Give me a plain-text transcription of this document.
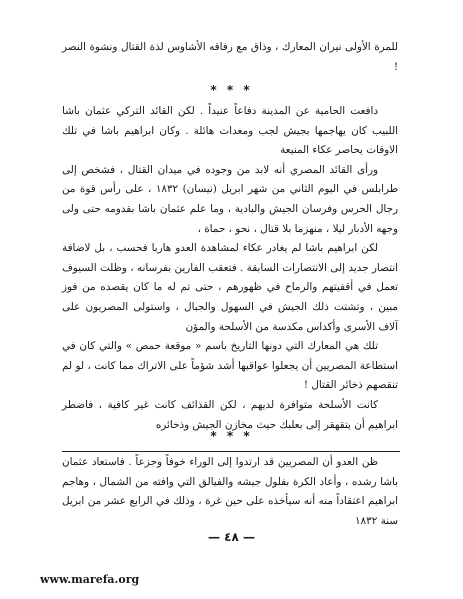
للمرة الأولى نيران المعارك ، وذاق مع رفاقه الأشاوس لذة القتال ونشوة النصر !

* * *

دافعت الحامية عن المدينة دفاعاً عنيداً . لكن القائد التركي عثمان باشا اللبيب كان يهاجمها بجيش لجب ومعدات هائلة . وكان ابراهيم باشا في تلك الاوقات يحاصر عكاء المنيعة

ورأى القائد المصري أنه لابد من وجوده في ميدان القتال ، فشخص إلى طرابلس في اليوم الثاني من شهر ابريل (نيسان) ١٨٣٢ ، على رأس قوة من رجال الحرس وفرسان الجيش والبادية ، وما علم عثمان باشا بقدومه حتى ولى وجهه الأدبار ليلا ، منهزما بلا قتال ، نحو ، حماة ،

لكن ابراهيم باشا لم يغادر عكاء لمشاهدة العدو هاربا فحسب ، بل لاضافة انتصار جديد إلى الانتصارات السابقة . فتعقب الفارين بفرسانه ، وظلت السيوف تعمل في أقفيتهم والرماح في ظهورهم ، حتى تم له ما كان يقصده من فوز مبين ، وتشتت ذلك الجيش في السهول والجبال ، واستولى المصريون على آلاف الأسرى وأكداس مكدسة من الأسلحة والمؤن

تلك هي المعارك التي دونها التاريخ باسم « موقعة حمص » والتي كان في استطاعة المصريين أن يجعلوا عواقبها أشد شؤماً على الاتراك مما كانت ، لو لم تنقصهم ذخائر القتال !

كانت الأسلحة متوافرة لديهم ، لكن القذائف كانت غير كافية ، فاضطر ابراهيم أن يتقهقر إلى بعلبك حيث مخازن الجيش وذخائره

* * *

ظن العدو أن المصريين قد ارتدوا إلى الوراء خوفاً وجزعاً . فاستعاد عثمان باشا رشده ، وأعاد الكرة بفلول جيشه والفيالق التي وافته من الشمال ، وهاجم ابراهيم اعتقاداً منه أنه سيأخذه على حين غرة ، وذلك في الرابع عشر من ابريل سنة ١٨٣٢

— ٤٨ —
www.marefa.org
